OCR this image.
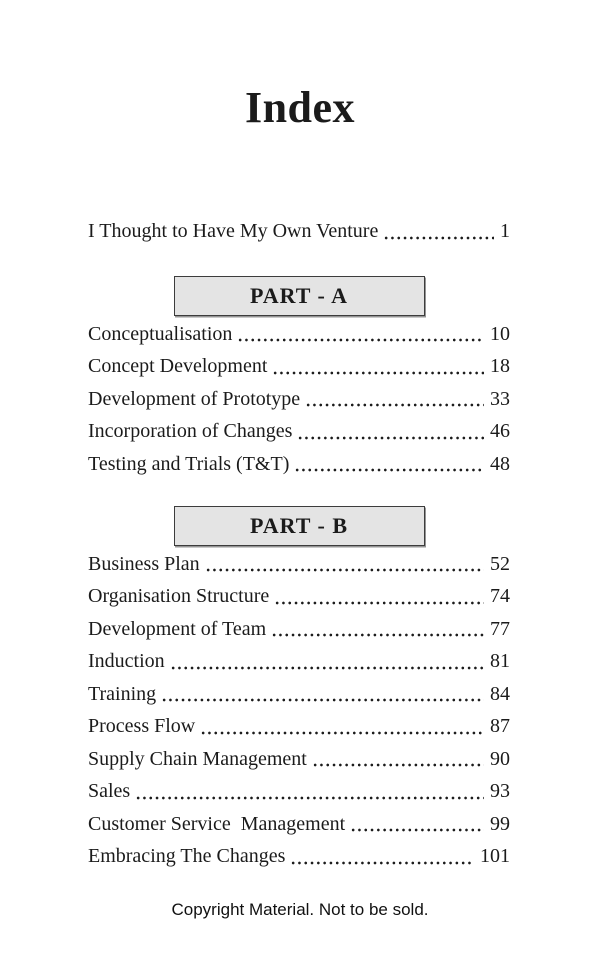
Index
I Thought to Have My Own Venture	1
PART - A
Conceptualisation	10
Concept Development	18
Development of Prototype	33
Incorporation of Changes	46
Testing and Trials (T&T)	48
PART - B
Business Plan	52
Organisation Structure	74
Development of Team	77
Induction	81
Training	84
Process Flow	87
Supply Chain Management	90
Sales	93
Customer Service  Management	99
Embracing The Changes	101
Copyright Material. Not to be sold.
